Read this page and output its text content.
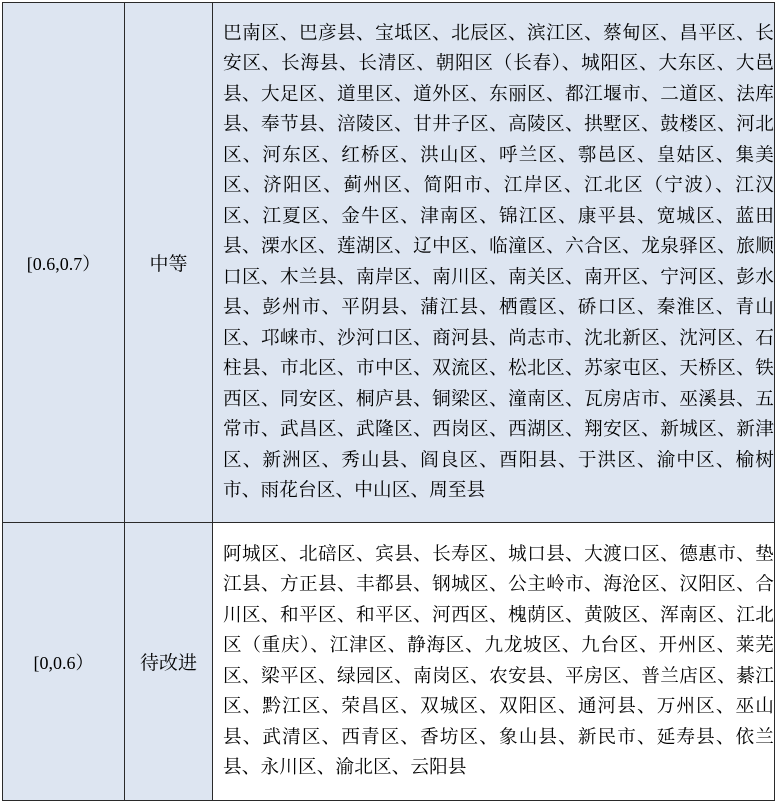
[0.6,0.7）	中等	巴南区、巴彦县、宝坻区、北辰区、滨江区、蔡甸区、昌平区、长安区、长海县、长清区、朝阳区（长春）、城阳区、大东区、大邑县、大足区、道里区、道外区、东丽区、都江堰市、二道区、法库县、奉节县、涪陵区、甘井子区、高陵区、拱墅区、鼓楼区、河北区、河东区、红桥区、洪山区、呼兰区、鄠邑区、皇姑区、集美区、济阳区、蓟州区、简阳市、江岸区、江北区（宁波）、江汉区、江夏区、金牛区、津南区、锦江区、康平县、宽城区、蓝田县、溧水区、莲湖区、辽中区、临潼区、六合区、龙泉驿区、旅顺口区、木兰县、南岸区、南川区、南关区、南开区、宁河区、彭水县、彭州市、平阴县、蒲江县、栖霞区、硚口区、秦淮区、青山区、邛崃市、沙河口区、商河县、尚志市、沈北新区、沈河区、石柱县、市北区、市中区、双流区、松北区、苏家屯区、天桥区、铁西区、同安区、桐庐县、铜梁区、潼南区、瓦房店市、巫溪县、五常市、武昌区、武隆区、西岗区、西湖区、翔安区、新城区、新津区、新洲区、秀山县、阎良区、酉阳县、于洪区、渝中区、榆树市、雨花台区、中山区、周至县
[0,0.6）	待改进	阿城区、北碚区、宾县、长寿区、城口县、大渡口区、德惠市、垫江县、方正县、丰都县、钢城区、公主岭市、海沧区、汉阳区、合川区、和平区、和平区、河西区、槐荫区、黄陂区、浑南区、江北区（重庆）、江津区、静海区、九龙坡区、九台区、开州区、莱芜区、梁平区、绿园区、南岗区、农安县、平房区、普兰店区、綦江区、黔江区、荣昌区、双城区、双阳区、通河县、万州区、巫山县、武清区、西青区、香坊区、象山县、新民市、延寿县、依兰县、永川区、渝北区、云阳县
